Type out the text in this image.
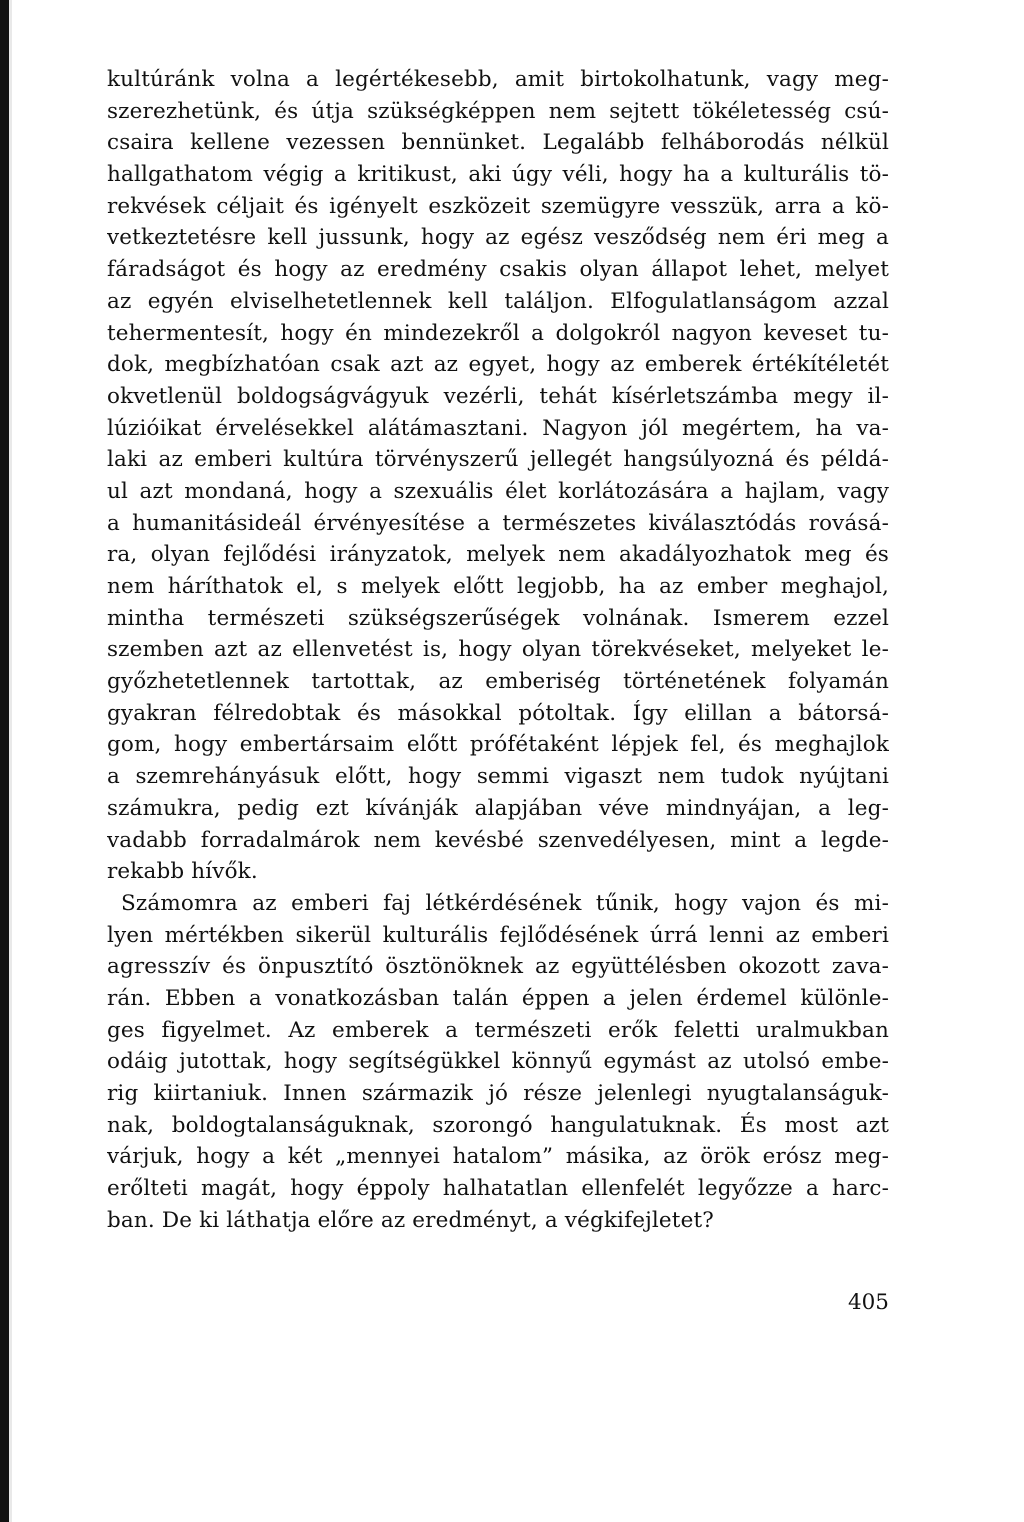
kultúránk volna a legértékesebb, amit birtokolhatunk, vagy meg-
szerezhetünk, és útja szükségképpen nem sejtett tökéletesség csú-
csaira kellene vezessen bennünket. Legalább felháborodás nélkül
hallgathatom végig a kritikust, aki úgy véli, hogy ha a kulturális tö-
rekvések céljait és igényelt eszközeit szemügyre vesszük, arra a kö-
vetkeztetésre kell jussunk, hogy az egész vesződség nem éri meg a
fáradságot és hogy az eredmény csakis olyan állapot lehet, melyet
az egyén elviselhetetlennek kell találjon. Elfogulatlanságom azzal
tehermentesít, hogy én mindezekről a dolgokról nagyon keveset tu-
dok, megbízhatóan csak azt az egyet, hogy az emberek értékítéletét
okvetlenül boldogságvágyuk vezérli, tehát kísérletszámba megy il-
lúzióikat érvelésekkel alátámasztani. Nagyon jól megértem, ha va-
laki az emberi kultúra törvényszerű jellegét hangsúlyozná és példá-
ul azt mondaná, hogy a szexuális élet korlátozására a hajlam, vagy
a humanitásideál érvényesítése a természetes kiválasztódás rovásá-
ra, olyan fejlődési irányzatok, melyek nem akadályozhatok meg és
nem háríthatok el, s melyek előtt legjobb, ha az ember meghajol,
mintha természeti szükségszerűségek volnának. Ismerem ezzel
szemben azt az ellenvetést is, hogy olyan törekvéseket, melyeket le-
győzhetetlennek tartottak, az emberiség történetének folyamán
gyakran félredobtak és másokkal pótoltak. Így elillan a bátorsá-
gom, hogy embertársaim előtt prófétaként lépjek fel, és meghajlok
a szemrehányásuk előtt, hogy semmi vigaszt nem tudok nyújtani
számukra, pedig ezt kívánják alapjában véve mindnyájan, a leg-
vadabb forradalmárok nem kevésbé szenvedélyesen, mint a legde-
rekabb hívők.
Számomra az emberi faj létkérdésének tűnik, hogy vajon és mi-
lyen mértékben sikerül kulturális fejlődésének úrrá lenni az emberi
agresszív és önpusztító ösztönöknek az együttélésben okozott zava-
rán. Ebben a vonatkozásban talán éppen a jelen érdemel különle-
ges figyelmet. Az emberek a természeti erők feletti uralmukban
odáig jutottak, hogy segítségükkel könnyű egymást az utolsó embe-
rig kiirtaniuk. Innen származik jó része jelenlegi nyugtalanságuk-
nak, boldogtalanságuknak, szorongó hangulatuknak. És most azt
várjuk, hogy a két „mennyei hatalom” másika, az örök erósz meg-
erőlteti magát, hogy éppoly halhatatlan ellenfelét legyőzze a harc-
ban. De ki láthatja előre az eredményt, a végkifejletet?
405
